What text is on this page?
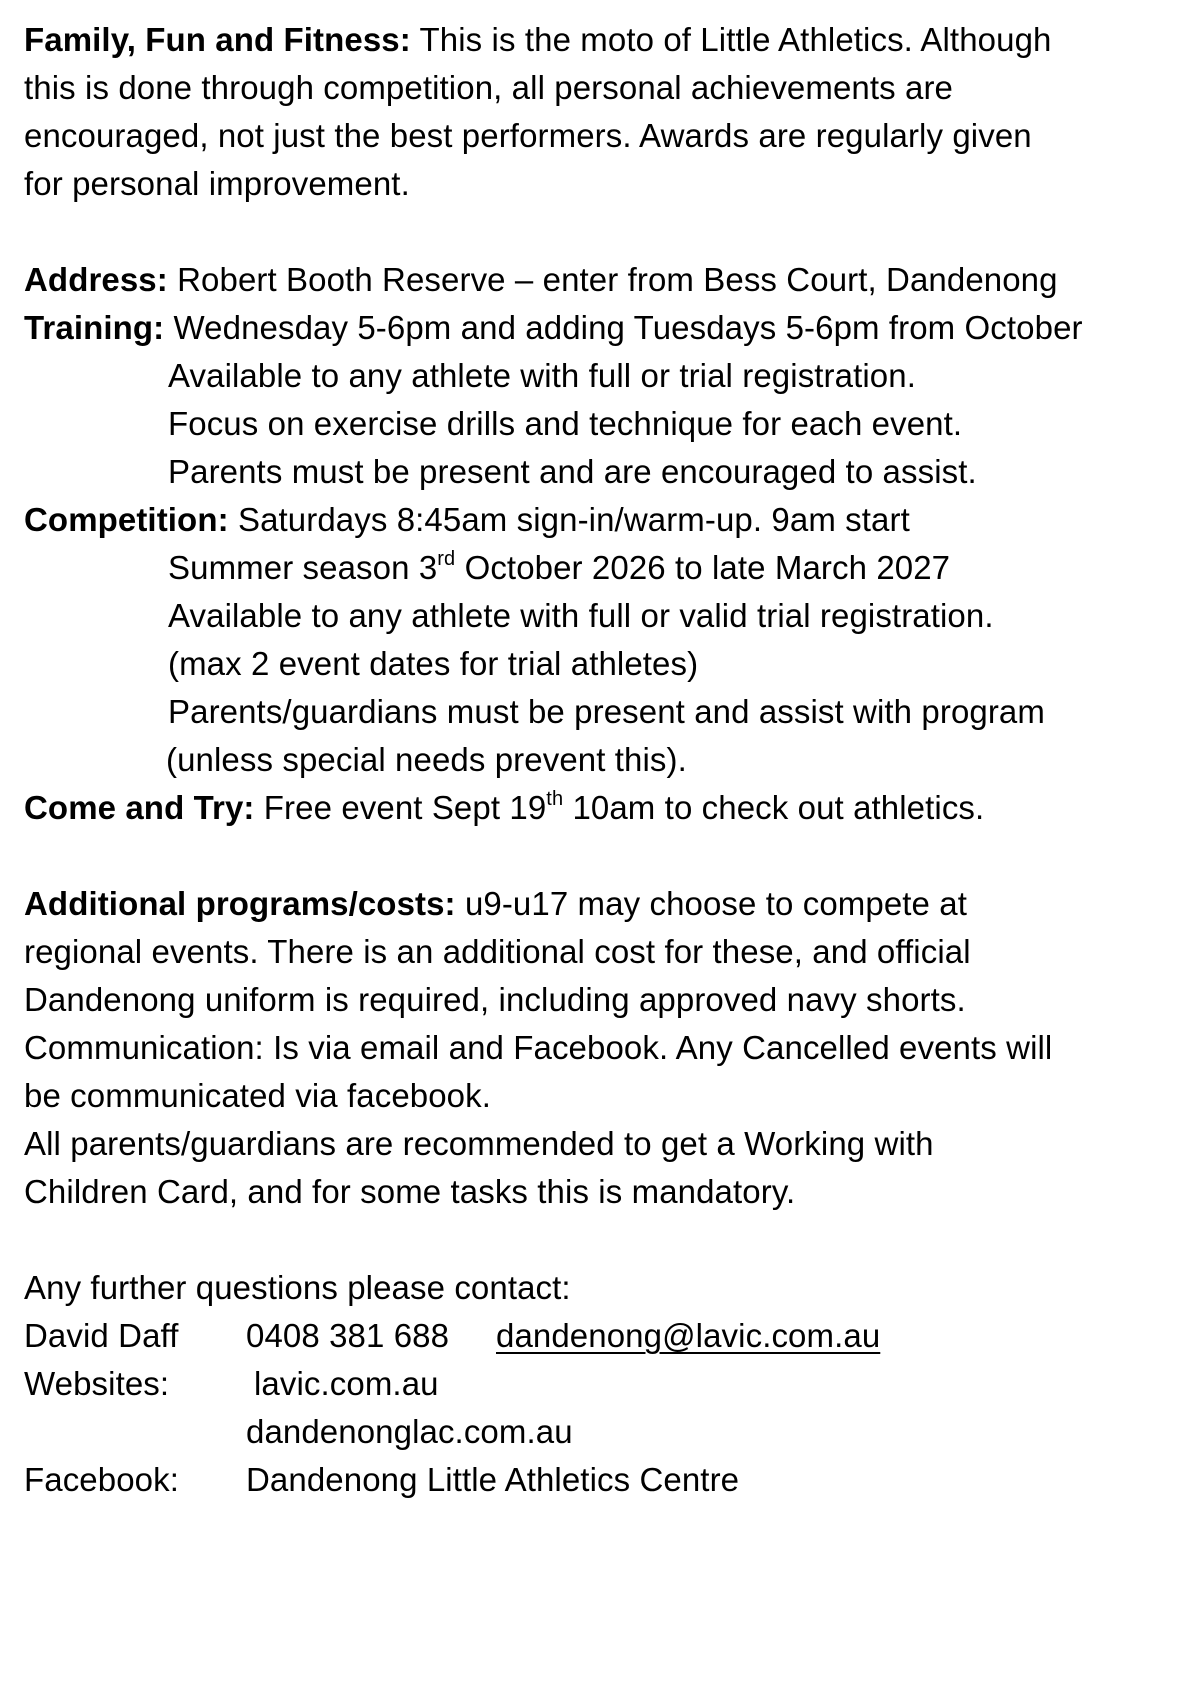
Family, Fun and Fitness: This is the moto of Little Athletics. Although
this is done through competition, all personal achievements are
encouraged, not just the best performers. Awards are regularly given
for personal improvement.
Address: Robert Booth Reserve – enter from Bess Court, Dandenong
Training: Wednesday 5-6pm and adding Tuesdays 5-6pm from October
Available to any athlete with full or trial registration.
Focus on exercise drills and technique for each event.
Parents must be present and are encouraged to assist.
Competition: Saturdays 8:45am sign-in/warm-up. 9am start
Summer season 3rd October 2026 to late March 2027
Available to any athlete with full or valid trial registration.
(max 2 event dates for trial athletes)
Parents/guardians must be present and assist with program
(unless special needs prevent this).
Come and Try: Free event Sept 19th 10am to check out athletics.
Additional programs/costs: u9-u17 may choose to compete at
regional events. There is an additional cost for these, and official
Dandenong uniform is required, including approved navy shorts.
Communication: Is via email and Facebook. Any Cancelled events will
be communicated via facebook.
All parents/guardians are recommended to get a Working with
Children Card, and for some tasks this is mandatory.
Any further questions please contact:
David Daff 0408 381 688 dandenong@lavic.com.au
Websites:	lavic.com.au
dandenonglac.com.au
Facebook: Dandenong Little Athletics Centre
